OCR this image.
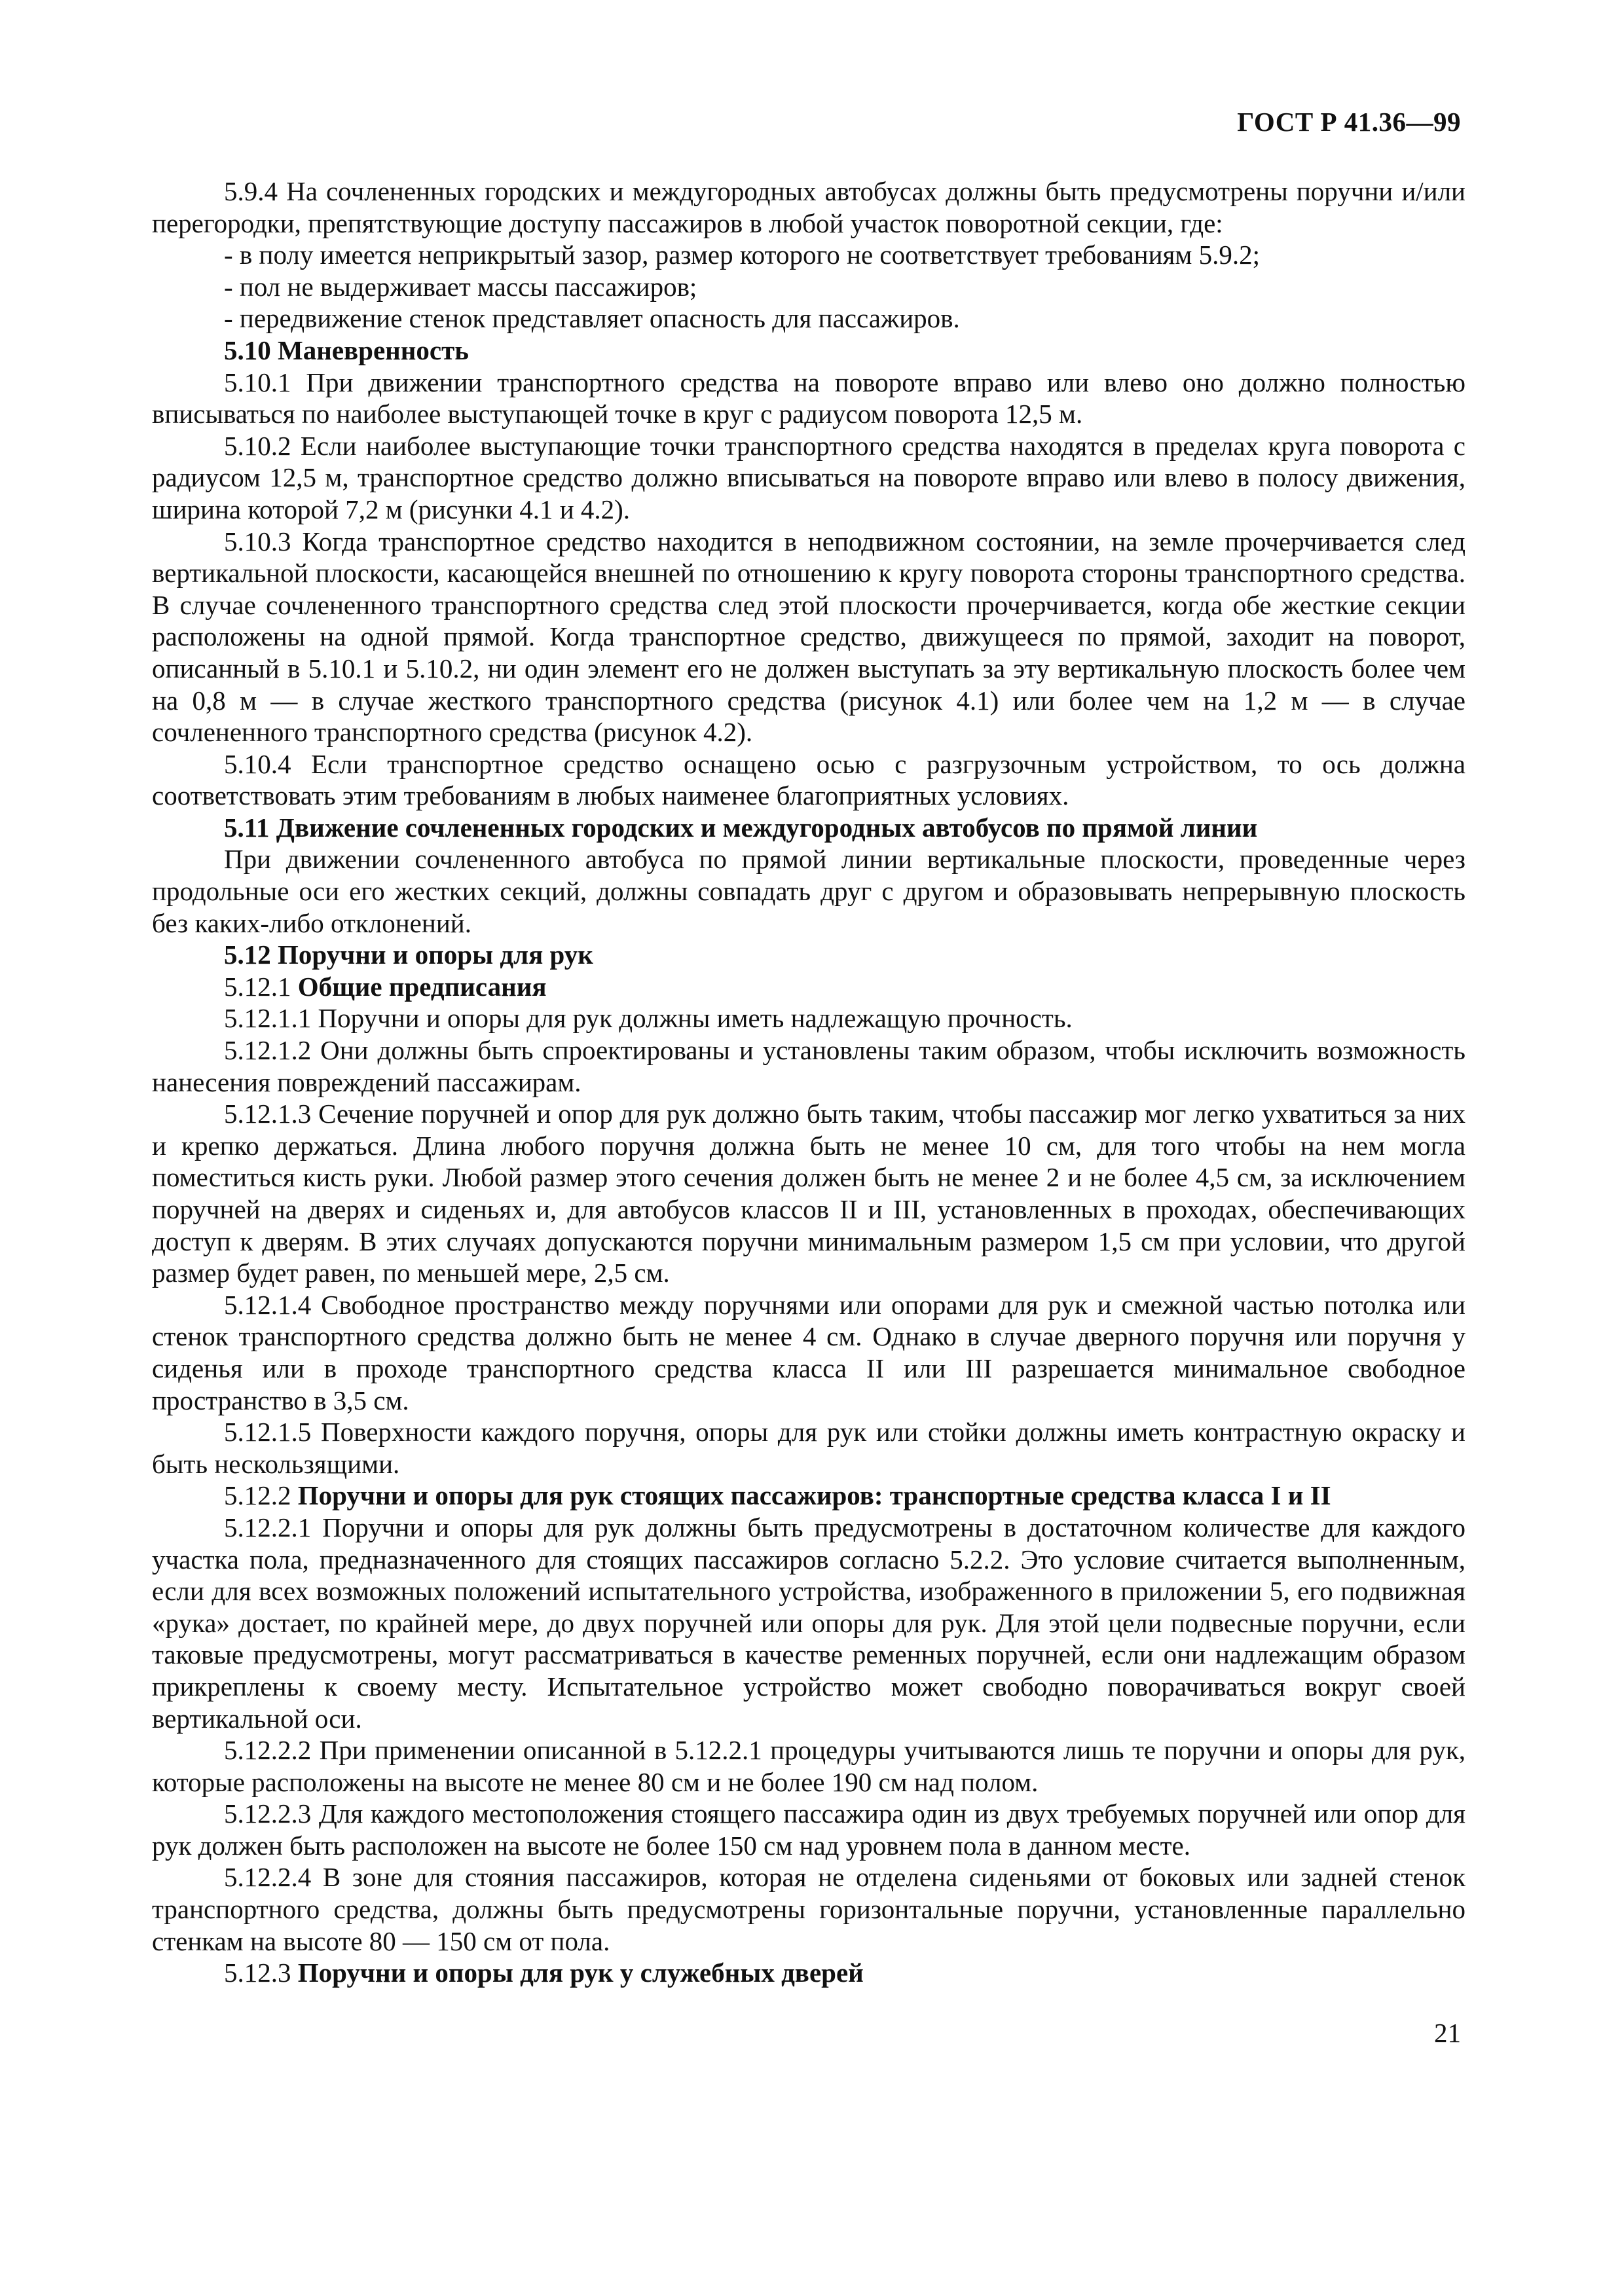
ГОСТ Р 41.36—99

5.9.4 На сочлененных городских и междугородных автобусах должны быть предусмотрены поручни и/или перегородки, препятствующие доступу пассажиров в любой участок поворотной секции, где:

- в полу имеется неприкрытый зазор, размер которого не соответствует требованиям 5.9.2;

- пол не выдерживает массы пассажиров;

- передвижение стенок представляет опасность для пассажиров.

5.10 Маневренность

5.10.1 При движении транспортного средства на повороте вправо или влево оно должно полностью вписываться по наиболее выступающей точке в круг с радиусом поворота 12,5 м.

5.10.2 Если наиболее выступающие точки транспортного средства находятся в пределах круга поворота с радиусом 12,5 м, транспортное средство должно вписываться на повороте вправо или влево в полосу движения, ширина которой 7,2 м (рисунки 4.1 и 4.2).

5.10.3 Когда транспортное средство находится в неподвижном состоянии, на земле прочерчивается след вертикальной плоскости, касающейся внешней по отношению к кругу поворота стороны транспортного средства. В случае сочлененного транспортного средства след этой плоскости прочерчивается, когда обе жесткие секции расположены на одной прямой. Когда транспортное средство, движущееся по прямой, заходит на поворот, описанный в 5.10.1 и 5.10.2, ни один элемент его не должен выступать за эту вертикальную плоскость более чем на 0,8 м — в случае жесткого транспортного средства (рисунок 4.1) или более чем на 1,2 м — в случае сочлененного транспортного средства (рисунок 4.2).

5.10.4 Если транспортное средство оснащено осью с разгрузочным устройством, то ось должна соответствовать этим требованиям в любых наименее благоприятных условиях.

5.11 Движение сочлененных городских и междугородных автобусов по прямой линии

При движении сочлененного автобуса по прямой линии вертикальные плоскости, проведенные через продольные оси его жестких секций, должны совпадать друг с другом и образовывать непрерывную плоскость без каких-либо отклонений.

5.12 Поручни и опоры для рук

5.12.1 Общие предписания

5.12.1.1 Поручни и опоры для рук должны иметь надлежащую прочность.

5.12.1.2 Они должны быть спроектированы и установлены таким образом, чтобы исключить возможность нанесения повреждений пассажирам.

5.12.1.3 Сечение поручней и опор для рук должно быть таким, чтобы пассажир мог легко ухватиться за них и крепко держаться. Длина любого поручня должна быть не менее 10 см, для того чтобы на нем могла поместиться кисть руки. Любой размер этого сечения должен быть не менее 2 и не более 4,5 см, за исключением поручней на дверях и сиденьях и, для автобусов классов II и III, установленных в проходах, обеспечивающих доступ к дверям. В этих случаях допускаются поручни минимальным размером 1,5 см при условии, что другой размер будет равен, по меньшей мере, 2,5 см.

5.12.1.4 Свободное пространство между поручнями или опорами для рук и смежной частью потолка или стенок транспортного средства должно быть не менее 4 см. Однако в случае дверного поручня или поручня у сиденья или в проходе транспортного средства класса II или III разрешается минимальное свободное пространство в 3,5 см.

5.12.1.5 Поверхности каждого поручня, опоры для рук или стойки должны иметь контрастную окраску и быть нескользящими.

5.12.2 Поручни и опоры для рук стоящих пассажиров: транспортные средства класса I и II

5.12.2.1 Поручни и опоры для рук должны быть предусмотрены в достаточном количестве для каждого участка пола, предназначенного для стоящих пассажиров согласно 5.2.2. Это условие считается выполненным, если для всех возможных положений испытательного устройства, изображенного в приложении 5, его подвижная «рука» достает, по крайней мере, до двух поручней или опоры для рук. Для этой цели подвесные поручни, если таковые предусмотрены, могут рассматриваться в качестве ременных поручней, если они надлежащим образом прикреплены к своему месту. Испытательное устройство может свободно поворачиваться вокруг своей вертикальной оси.

5.12.2.2 При применении описанной в 5.12.2.1 процедуры учитываются лишь те поручни и опоры для рук, которые расположены на высоте не менее 80 см и не более 190 см над полом.

5.12.2.3 Для каждого местоположения стоящего пассажира один из двух требуемых поручней или опор для рук должен быть расположен на высоте не более 150 см над уровнем пола в данном месте.

5.12.2.4 В зоне для стояния пассажиров, которая не отделена сиденьями от боковых или задней стенок транспортного средства, должны быть предусмотрены горизонтальные поручни, установленные параллельно стенкам на высоте 80 — 150 см от пола.

5.12.3 Поручни и опоры для рук у служебных дверей

21
